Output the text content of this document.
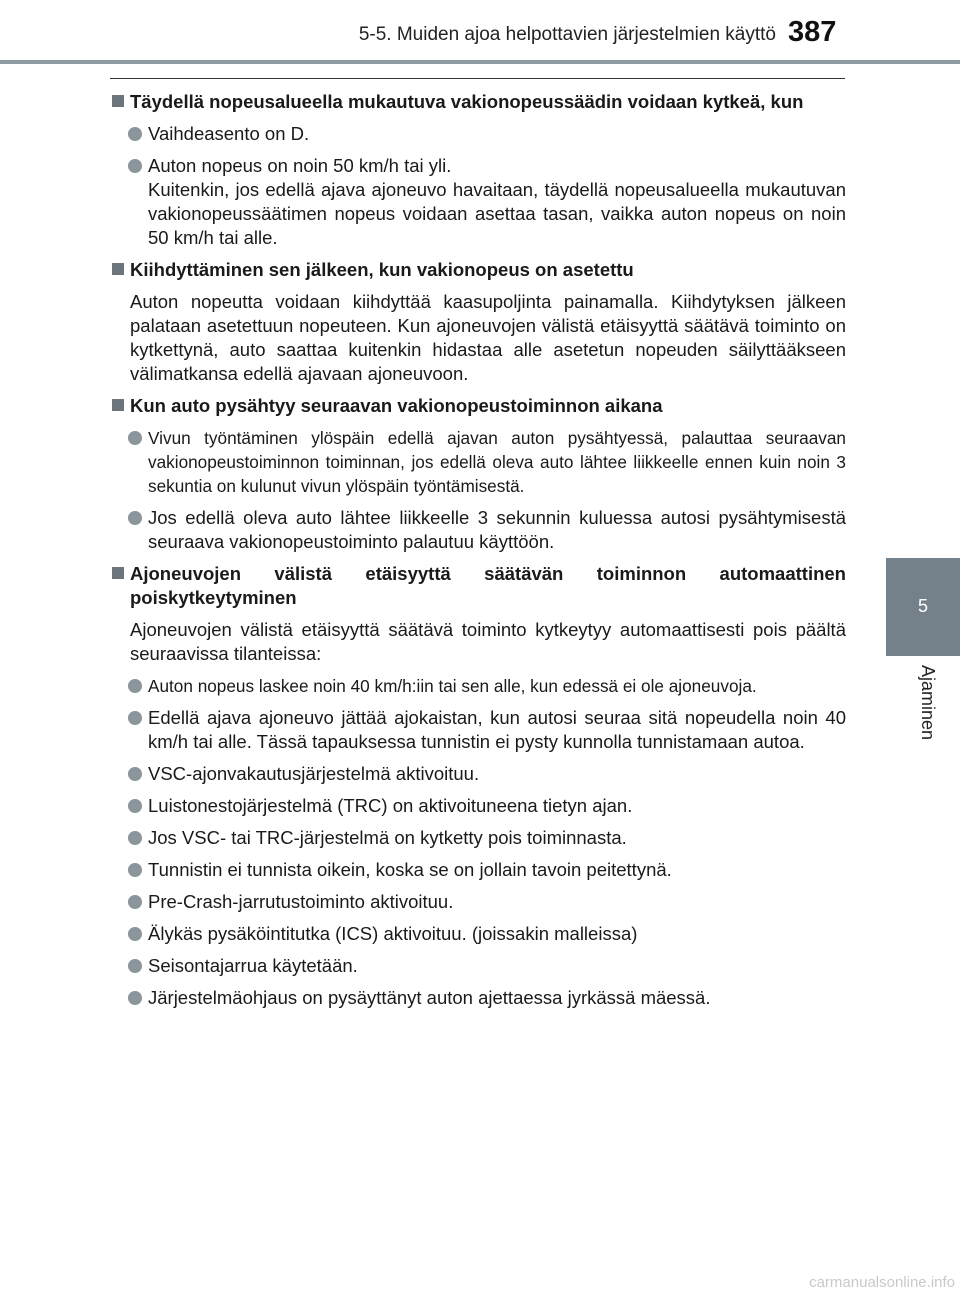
5-5. Muiden ajoa helpottavien järjestelmien käyttö 387
5
Ajaminen
Täydellä nopeusalueella mukautuva vakionopeussäädin voidaan kytkeä, kun
Vaihdeasento on D.
Auton nopeus on noin 50 km/h tai yli.
Kuitenkin, jos edellä ajava ajoneuvo havaitaan, täydellä nopeusalueella mukautuvan vakionopeussäätimen nopeus voidaan asettaa tasan, vaikka auton nopeus on noin 50 km/h tai alle.
Kiihdyttäminen sen jälkeen, kun vakionopeus on asetettu
Auton nopeutta voidaan kiihdyttää kaasupoljinta painamalla. Kiihdytyksen jälkeen palataan asetettuun nopeuteen. Kun ajoneuvojen välistä etäisyyttä säätävä toiminto on kytkettynä, auto saattaa kuitenkin hidastaa alle asetetun nopeuden säilyttääkseen välimatkansa edellä ajavaan ajoneuvoon.
Kun auto pysähtyy seuraavan vakionopeustoiminnon aikana
Vivun työntäminen ylöspäin edellä ajavan auton pysähtyessä, palauttaa seuraavan vakionopeustoiminnon toiminnan, jos edellä oleva auto lähtee liikkeelle ennen kuin noin 3 sekuntia on kulunut vivun ylöspäin työntämisestä.
Jos edellä oleva auto lähtee liikkeelle 3 sekunnin kuluessa autosi pysähtymisestä seuraava vakionopeustoiminto palautuu käyttöön.
Ajoneuvojen välistä etäisyyttä säätävän toiminnon automaattinen poiskytkeytyminen
Ajoneuvojen välistä etäisyyttä säätävä toiminto kytkeytyy automaattisesti pois päältä seuraavissa tilanteissa:
Auton nopeus laskee noin 40 km/h:iin tai sen alle, kun edessä ei ole ajoneuvoja.
Edellä ajava ajoneuvo jättää ajokaistan, kun autosi seuraa sitä nopeudella noin 40 km/h tai alle. Tässä tapauksessa tunnistin ei pysty kunnolla tunnistamaan autoa.
VSC-ajonvakautusjärjestelmä aktivoituu.
Luistonestojärjestelmä (TRC) on aktivoituneena tietyn ajan.
Jos VSC- tai TRC-järjestelmä on kytketty pois toiminnasta.
Tunnistin ei tunnista oikein, koska se on jollain tavoin peitettynä.
Pre-Crash-jarrutustoiminto aktivoituu.
Älykäs pysäköintitutka (ICS) aktivoituu. (joissakin malleissa)
Seisontajarrua käytetään.
Järjestelmäohjaus on pysäyttänyt auton ajettaessa jyrkässä mäessä.
carmanualsonline.info
